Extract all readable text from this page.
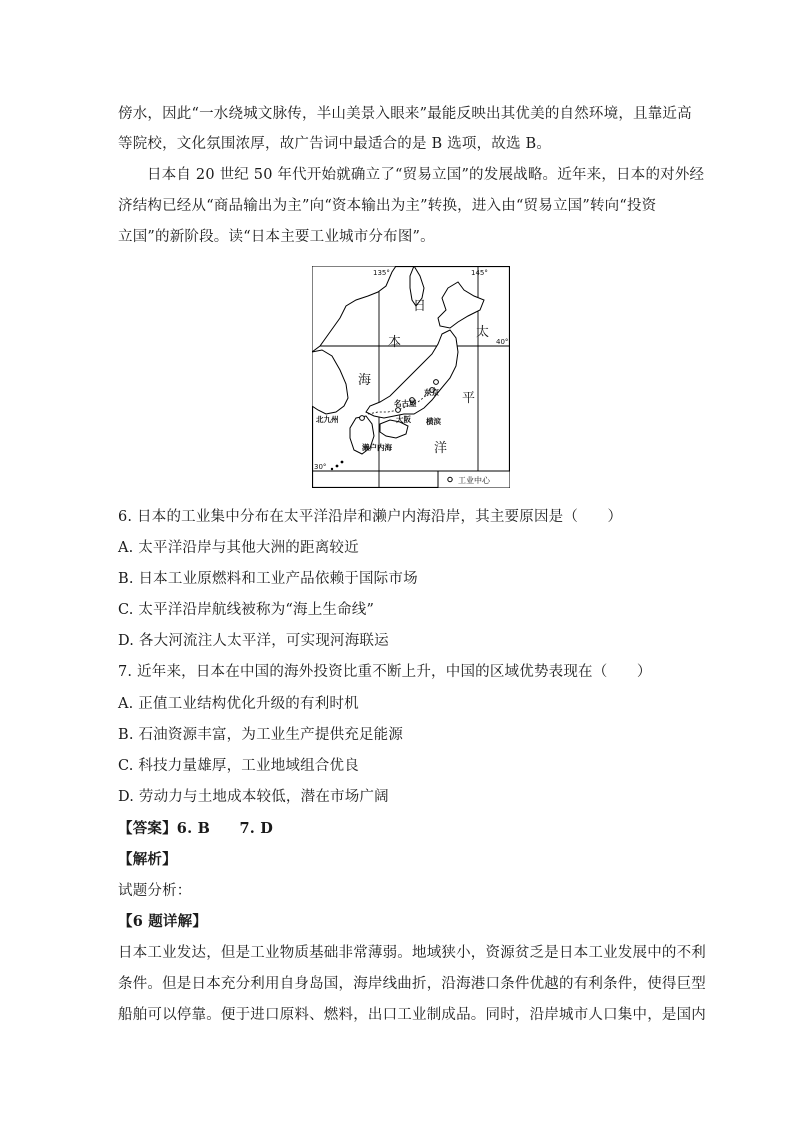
傍水，因此“一水绕城文脉传，半山美景入眼来”最能反映出其优美的自然环境，且靠近高
等院校，文化氛围浓厚，故广告词中最适合的是 B 选项，故选 B。
日本自 20 世纪 50 年代开始就确立了“贸易立国”的发展战略。近年来，日本的对外经
济结构已经从“商品输出为主”向“资本输出为主”转换，进入由“贸易立国”转向“投资
立国”的新阶段。读“日本主要工业城市分布图”。
135°	145°
40°
30°
日
本
海
太
平
洋
东京
横滨
名古屋
大阪
北九州
濑户内海
工业中心
6. 日本的工业集中分布在太平洋沿岸和濑户内海沿岸，其主要原因是（　　）
A. 太平洋沿岸与其他大洲的距离较近
B. 日本工业原燃料和工业产品依赖于国际市场
C. 太平洋沿岸航线被称为“海上生命线”
D. 各大河流注人太平洋，可实现河海联运
7. 近年来，日本在中国的海外投资比重不断上升，中国的区域优势表现在（　　）
A. 正值工业结构优化升级的有利时机
B. 石油资源丰富，为工业生产提供充足能源
C. 科技力量雄厚，工业地域组合优良
D. 劳动力与土地成本较低，潜在市场广阔
【答案】6. B　　7. D
【解析】
试题分析：
【6 题详解】
日本工业发达，但是工业物质基础非常薄弱。地域狭小，资源贫乏是日本工业发展中的不利
条件。但是日本充分利用自身岛国，海岸线曲折，沿海港口条件优越的有利条件，使得巨型
船舶可以停靠。便于进口原料、燃料，出口工业制成品。同时，沿岸城市人口集中，是国内
